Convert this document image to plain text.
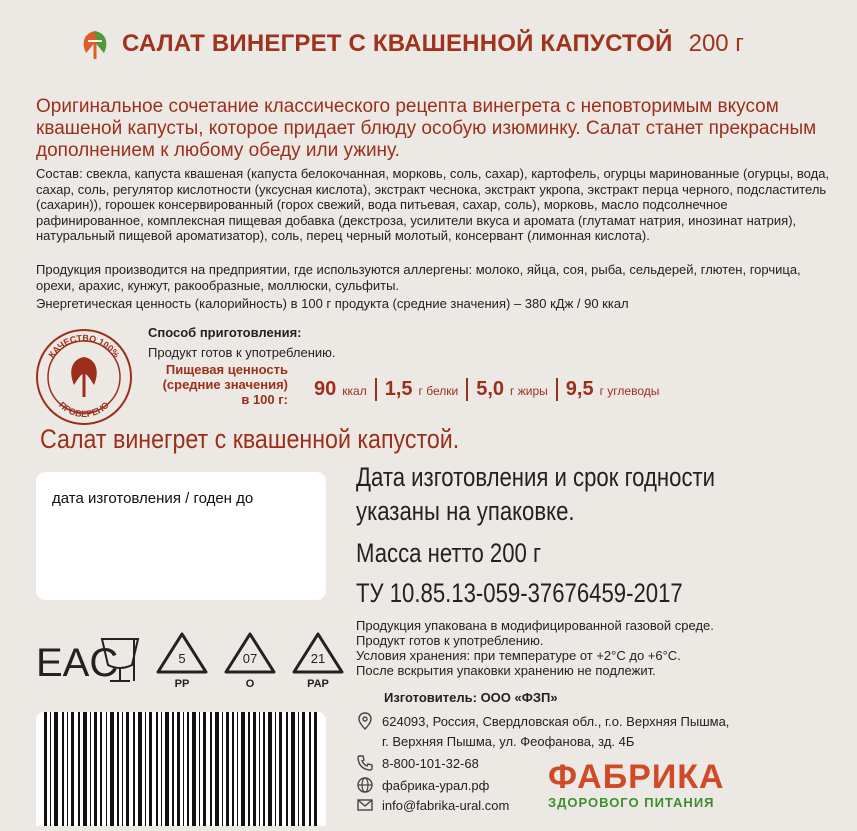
САЛАТ ВИНЕГРЕТ С КВАШЕННОЙ КАПУСТОЙ 200 г
Оригинальное сочетание классического рецепта винегрета с неповторимым вкусом квашеной капусты, которое придает блюду особую изюминку. Салат станет прекрасным дополнением к любому обеду или ужину.
Состав: свекла, капуста квашеная (капуста белокочанная, морковь, соль, сахар), картофель, огурцы маринованные (огурцы, вода, сахар, соль, регулятор кислотности (уксусная кислота), экстракт чеснока, экстракт укропа, экстракт перца черного, подсластитель (сахарин)), горошек консервированный (горох свежий, вода питьевая, сахар, соль), морковь, масло подсолнечное рафинированное, комплексная пищевая добавка (декстроза, усилители вкуса и аромата (глутамат натрия, инозинат натрия), натуральный пищевой ароматизатор), соль, перец черный молотый, консервант (лимонная кислота).
Продукция производится на предприятии, где используются аллергены: молоко, яйца, соя, рыба, сельдерей, глютен, горчица, орехи, арахис, кунжут, ракообразные, моллюски, сульфиты.
Энергетическая ценность (калорийность) в 100 г продукта (средние значения) – 380 кДж / 90 ккал
КАЧЕСТВО 100%
ПРОВЕРЕНО
Способ приготовления:
Продукт готов к употреблению.
Пищевая ценность
(средние значения)
в 100 г: 90 ккал 1,5 г белки 5,0 г жиры 9,5 г углеводы
Салат винегрет с квашенной капустой.
дата изготовления / годен до
Дата изготовления и срок годности
указаны на упаковке.
Масса нетто 200 г
ТУ 10.85.13-059-37676459-2017
Продукция упакована в модифицированной газовой среде.
Продукт готов к употреблению.
Условия хранения: при температуре от +2°С до +6°С.
После вскрытия упаковки хранению не подлежит.
EAC	5
PP
07
O
21
PAP
Изготовитель: ООО «ФЗП»
624093, Россия, Свердловская обл., г.о. Верхняя Пышма,
г. Верхняя Пышма, ул. Феофанова, зд. 4Б
8-800-101-32-68
фабрика-урал.рф
info@fabrika-ural.com
ФАБРИКА
ЗДОРОВОГО ПИТАНИЯ
